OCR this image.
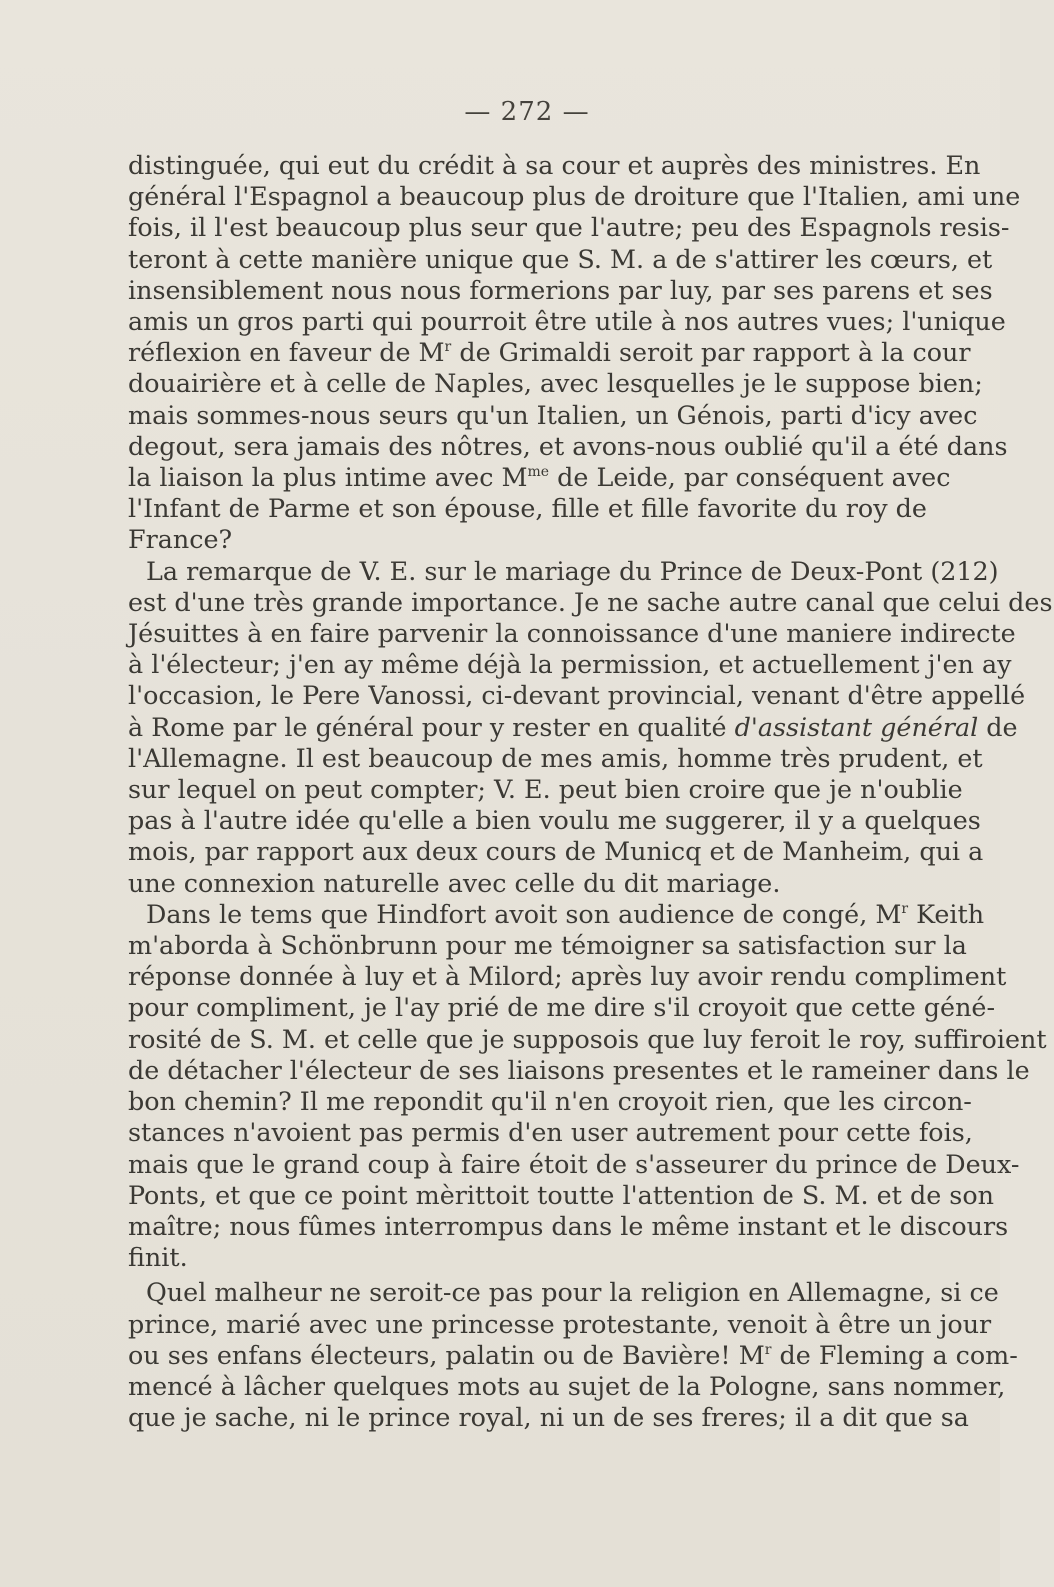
— 272 —
distinguée, qui eut du crédit à sa cour et auprès des ministres. En
général l'Espagnol a beaucoup plus de droiture que l'Italien, ami une
fois, il l'est beaucoup plus seur que l'autre; peu des Espagnols resis-
teront à cette manière unique que S. M. a de s'attirer les cœurs, et
insensiblement nous nous formerions par luy, par ses parens et ses
amis un gros parti qui pourroit être utile à nos autres vues; l'unique
réflexion en faveur de $M^r$ de Grimaldi seroit par rapport à la cour
douairière et à celle de Naples, avec lesquelles je le suppose bien;
mais sommes-nous seurs qu'un Italien, un Génois, parti d'icy avec
degout, sera jamais des nôtres, et avons-nous oublié qu'il a été dans
la liaison la plus intime avec $M^{me}$ de Leide, par conséquent avec
l'Infant de Parme et son épouse, fille et fille favorite du roy de
France?
La remarque de V. E. sur le mariage du Prince de Deux-Pont (212)
est d'une très grande importance. Je ne sache autre canal que celui des
Jésuittes à en faire parvenir la connoissance d'une maniere indirecte
à l'électeur; j'en ay même déjà la permission, et actuellement j'en ay
l'occasion, le Pere Vanossi, ci-devant provincial, venant d'être appellé
à Rome par le général pour y rester en qualité d'assistant général de
l'Allemagne. Il est beaucoup de mes amis, homme très prudent, et
sur lequel on peut compter; V. E. peut bien croire que je n'oublie
pas à l'autre idée qu'elle a bien voulu me suggerer, il y a quelques
mois, par rapport aux deux cours de Municq et de Manheim, qui a
une connexion naturelle avec celle du dit mariage.
Dans le tems que Hindfort avoit son audience de congé, $M^r$ Keith
m'aborda à Schönbrunn pour me témoigner sa satisfaction sur la
réponse donnée à luy et à Milord; après luy avoir rendu compliment
pour compliment, je l'ay prié de me dire s'il croyoit que cette géné-
rosité de S. M. et celle que je supposois que luy feroit le roy, suffiroient
de détacher l'électeur de ses liaisons presentes et le rameiner dans le
bon chemin? Il me repondit qu'il n'en croyoit rien, que les circon-
stances n'avoient pas permis d'en user autrement pour cette fois,
mais que le grand coup à faire étoit de s'asseurer du prince de Deux-
Ponts, et que ce point mèrittoit toutte l'attention de S. M. et de son
maître; nous fûmes interrompus dans le même instant et le discours
finit.
Quel malheur ne seroit-ce pas pour la religion en Allemagne, si ce
prince, marié avec une princesse protestante, venoit à être un jour
ou ses enfans électeurs, palatin ou de Bavière! $M^r$ de Fleming a com-
mencé à lâcher quelques mots au sujet de la Pologne, sans nommer,
que je sache, ni le prince royal, ni un de ses freres; il a dit que sa
